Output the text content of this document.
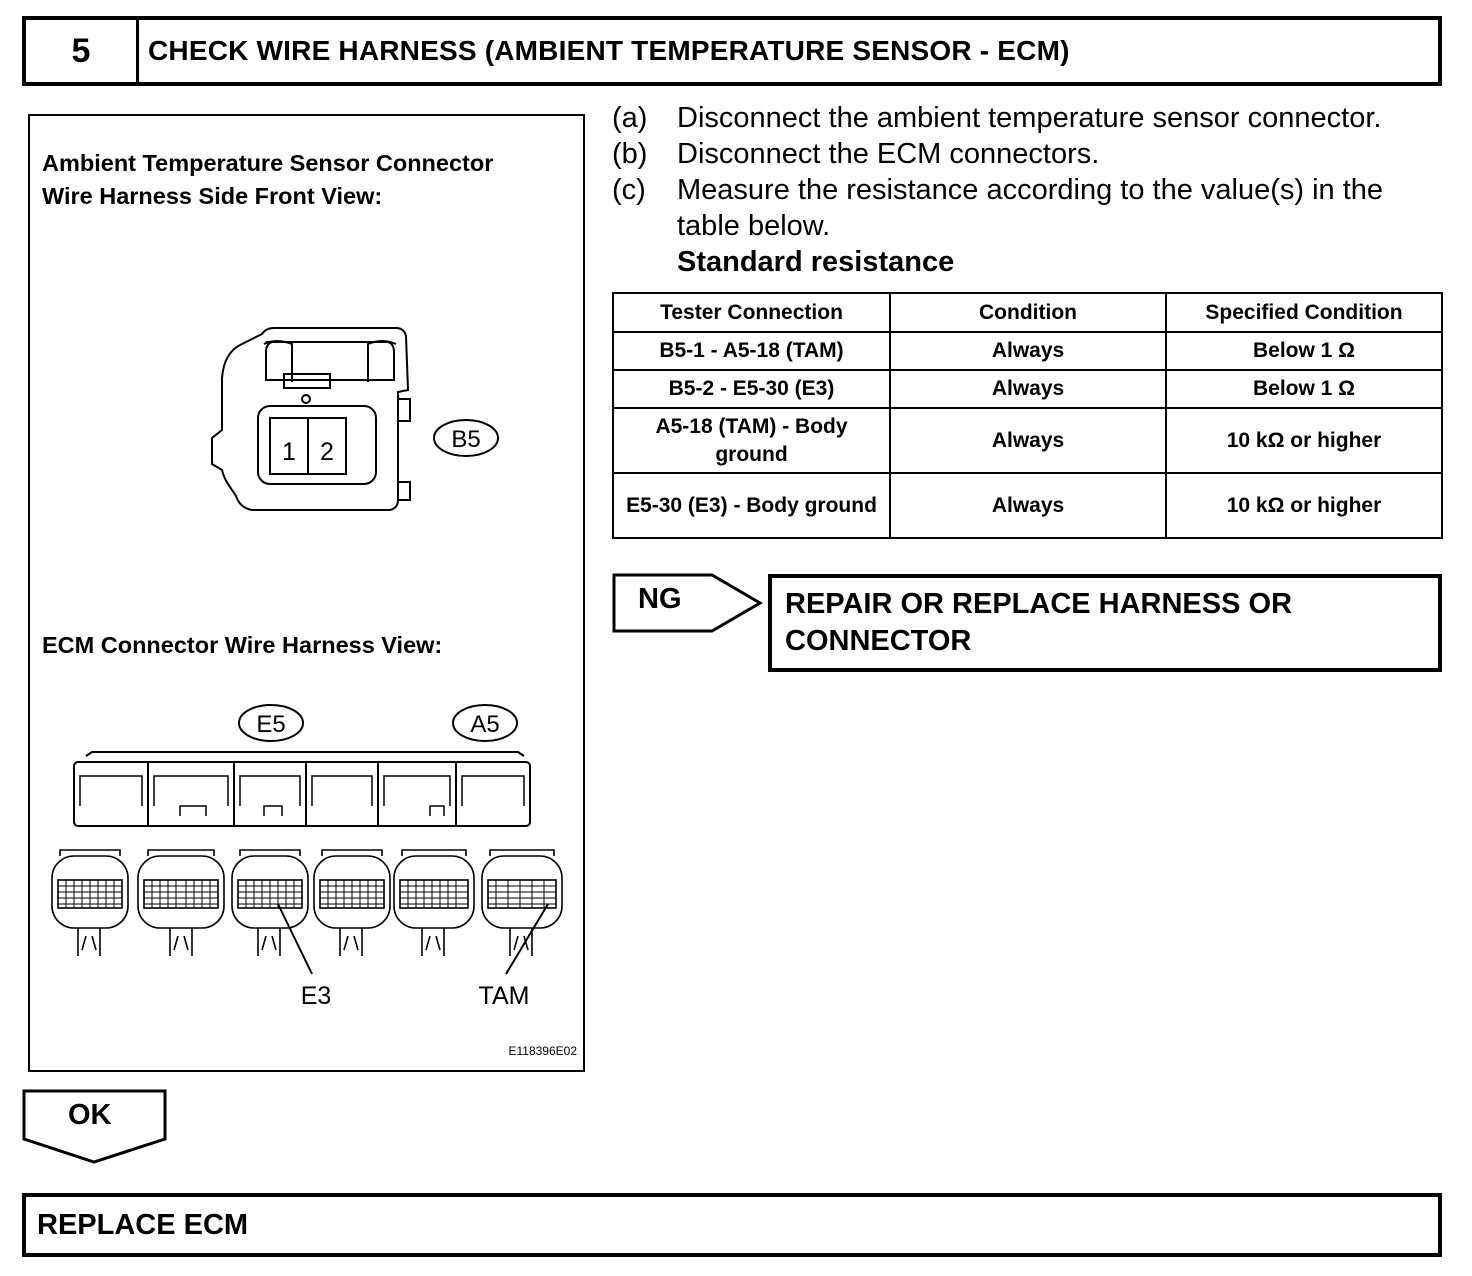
5	CHECK WIRE HARNESS (AMBIENT TEMPERATURE SENSOR - ECM)
Ambient Temperature Sensor Connector
Wire Harness Side Front View:
ECM Connector Wire Harness View:
1 2	B5
E5	A5
E3	TAM
E118396E02
(a) Disconnect the ambient temperature sensor connector.
(b) Disconnect the ECM connectors.
(c) Measure the resistance according to the value(s) in the
table below.
Standard resistance
Tester Connection	Condition	Specified Condition
B5-1 - A5-18 (TAM)	Always	Below 1 Ω
B5-2 - E5-30 (E3)	Always	Below 1 Ω
A5-18 (TAM) - Body ground	Always	10 kΩ or higher
E5-30 (E3) - Body ground	Always	10 kΩ or higher
NG	REPAIR OR REPLACE HARNESS OR
CONNECTOR
OK
REPLACE ECM
